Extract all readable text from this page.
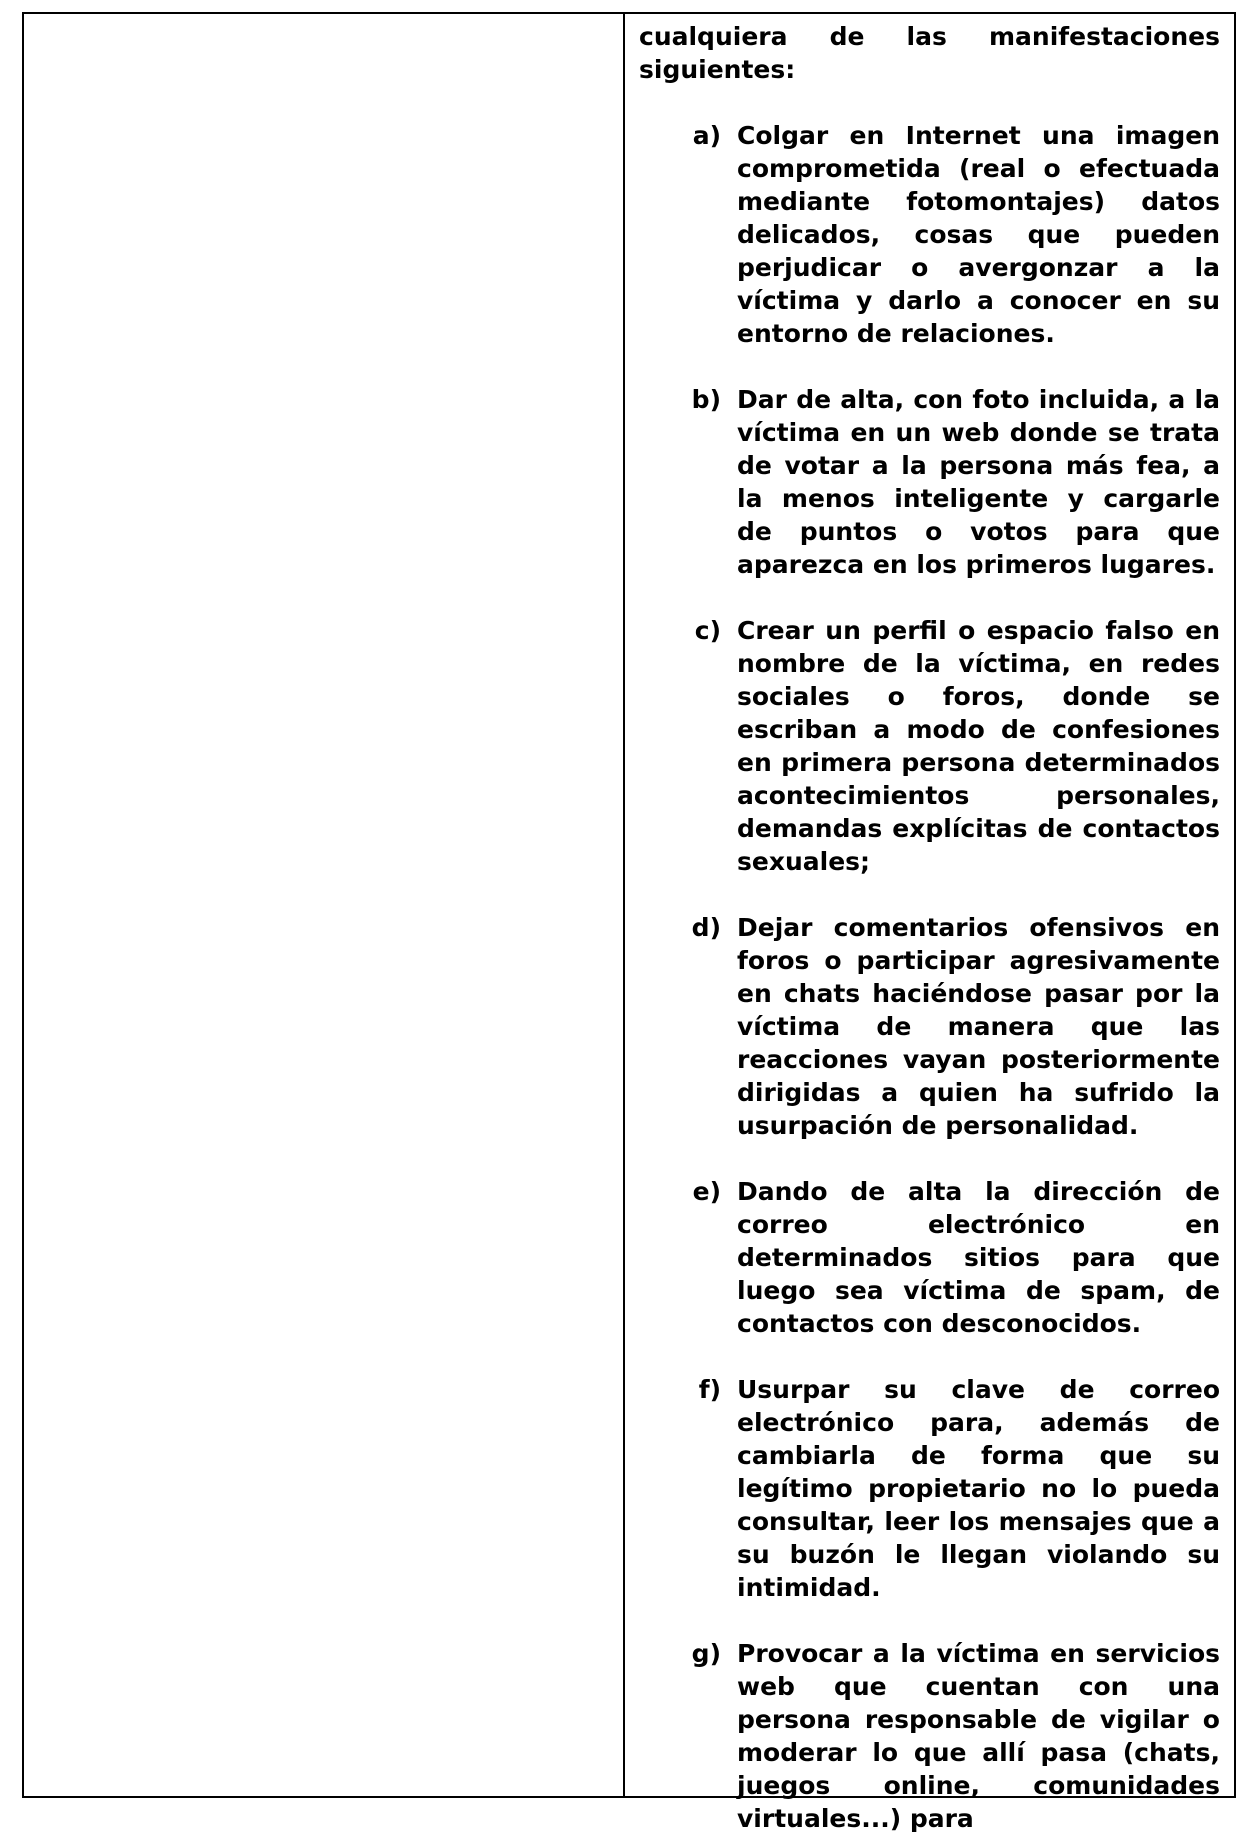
cualquiera de las manifestaciones siguientes:

a) Colgar en Internet una imagen comprometida (real o efectuada mediante fotomontajes) datos delicados, cosas que pueden perjudicar o avergonzar a la víctima y darlo a conocer en su entorno de relaciones.

b) Dar de alta, con foto incluida, a la víctima en un web donde se trata de votar a la persona más fea, a la menos inteligente y cargarle de puntos o votos para que aparezca en los primeros lugares.

c) Crear un perfil o espacio falso en nombre de la víctima, en redes sociales o foros, donde se escriban a modo de confesiones en primera persona determinados acontecimientos personales, demandas explícitas de contactos sexuales;

d) Dejar comentarios ofensivos en foros o participar agresivamente en chats haciéndose pasar por la víctima de manera que las reacciones vayan posteriormente dirigidas a quien ha sufrido la usurpación de personalidad.

e) Dando de alta la dirección de correo electrónico en determinados sitios para que luego sea víctima de spam, de contactos con desconocidos.

f) Usurpar su clave de correo electrónico para, además de cambiarla de forma que su legítimo propietario no lo pueda consultar, leer los mensajes que a su buzón le llegan violando su intimidad.

g) Provocar a la víctima en servicios web que cuentan con una persona responsable de vigilar o moderar lo que allí pasa (chats, juegos online, comunidades virtuales...) para
